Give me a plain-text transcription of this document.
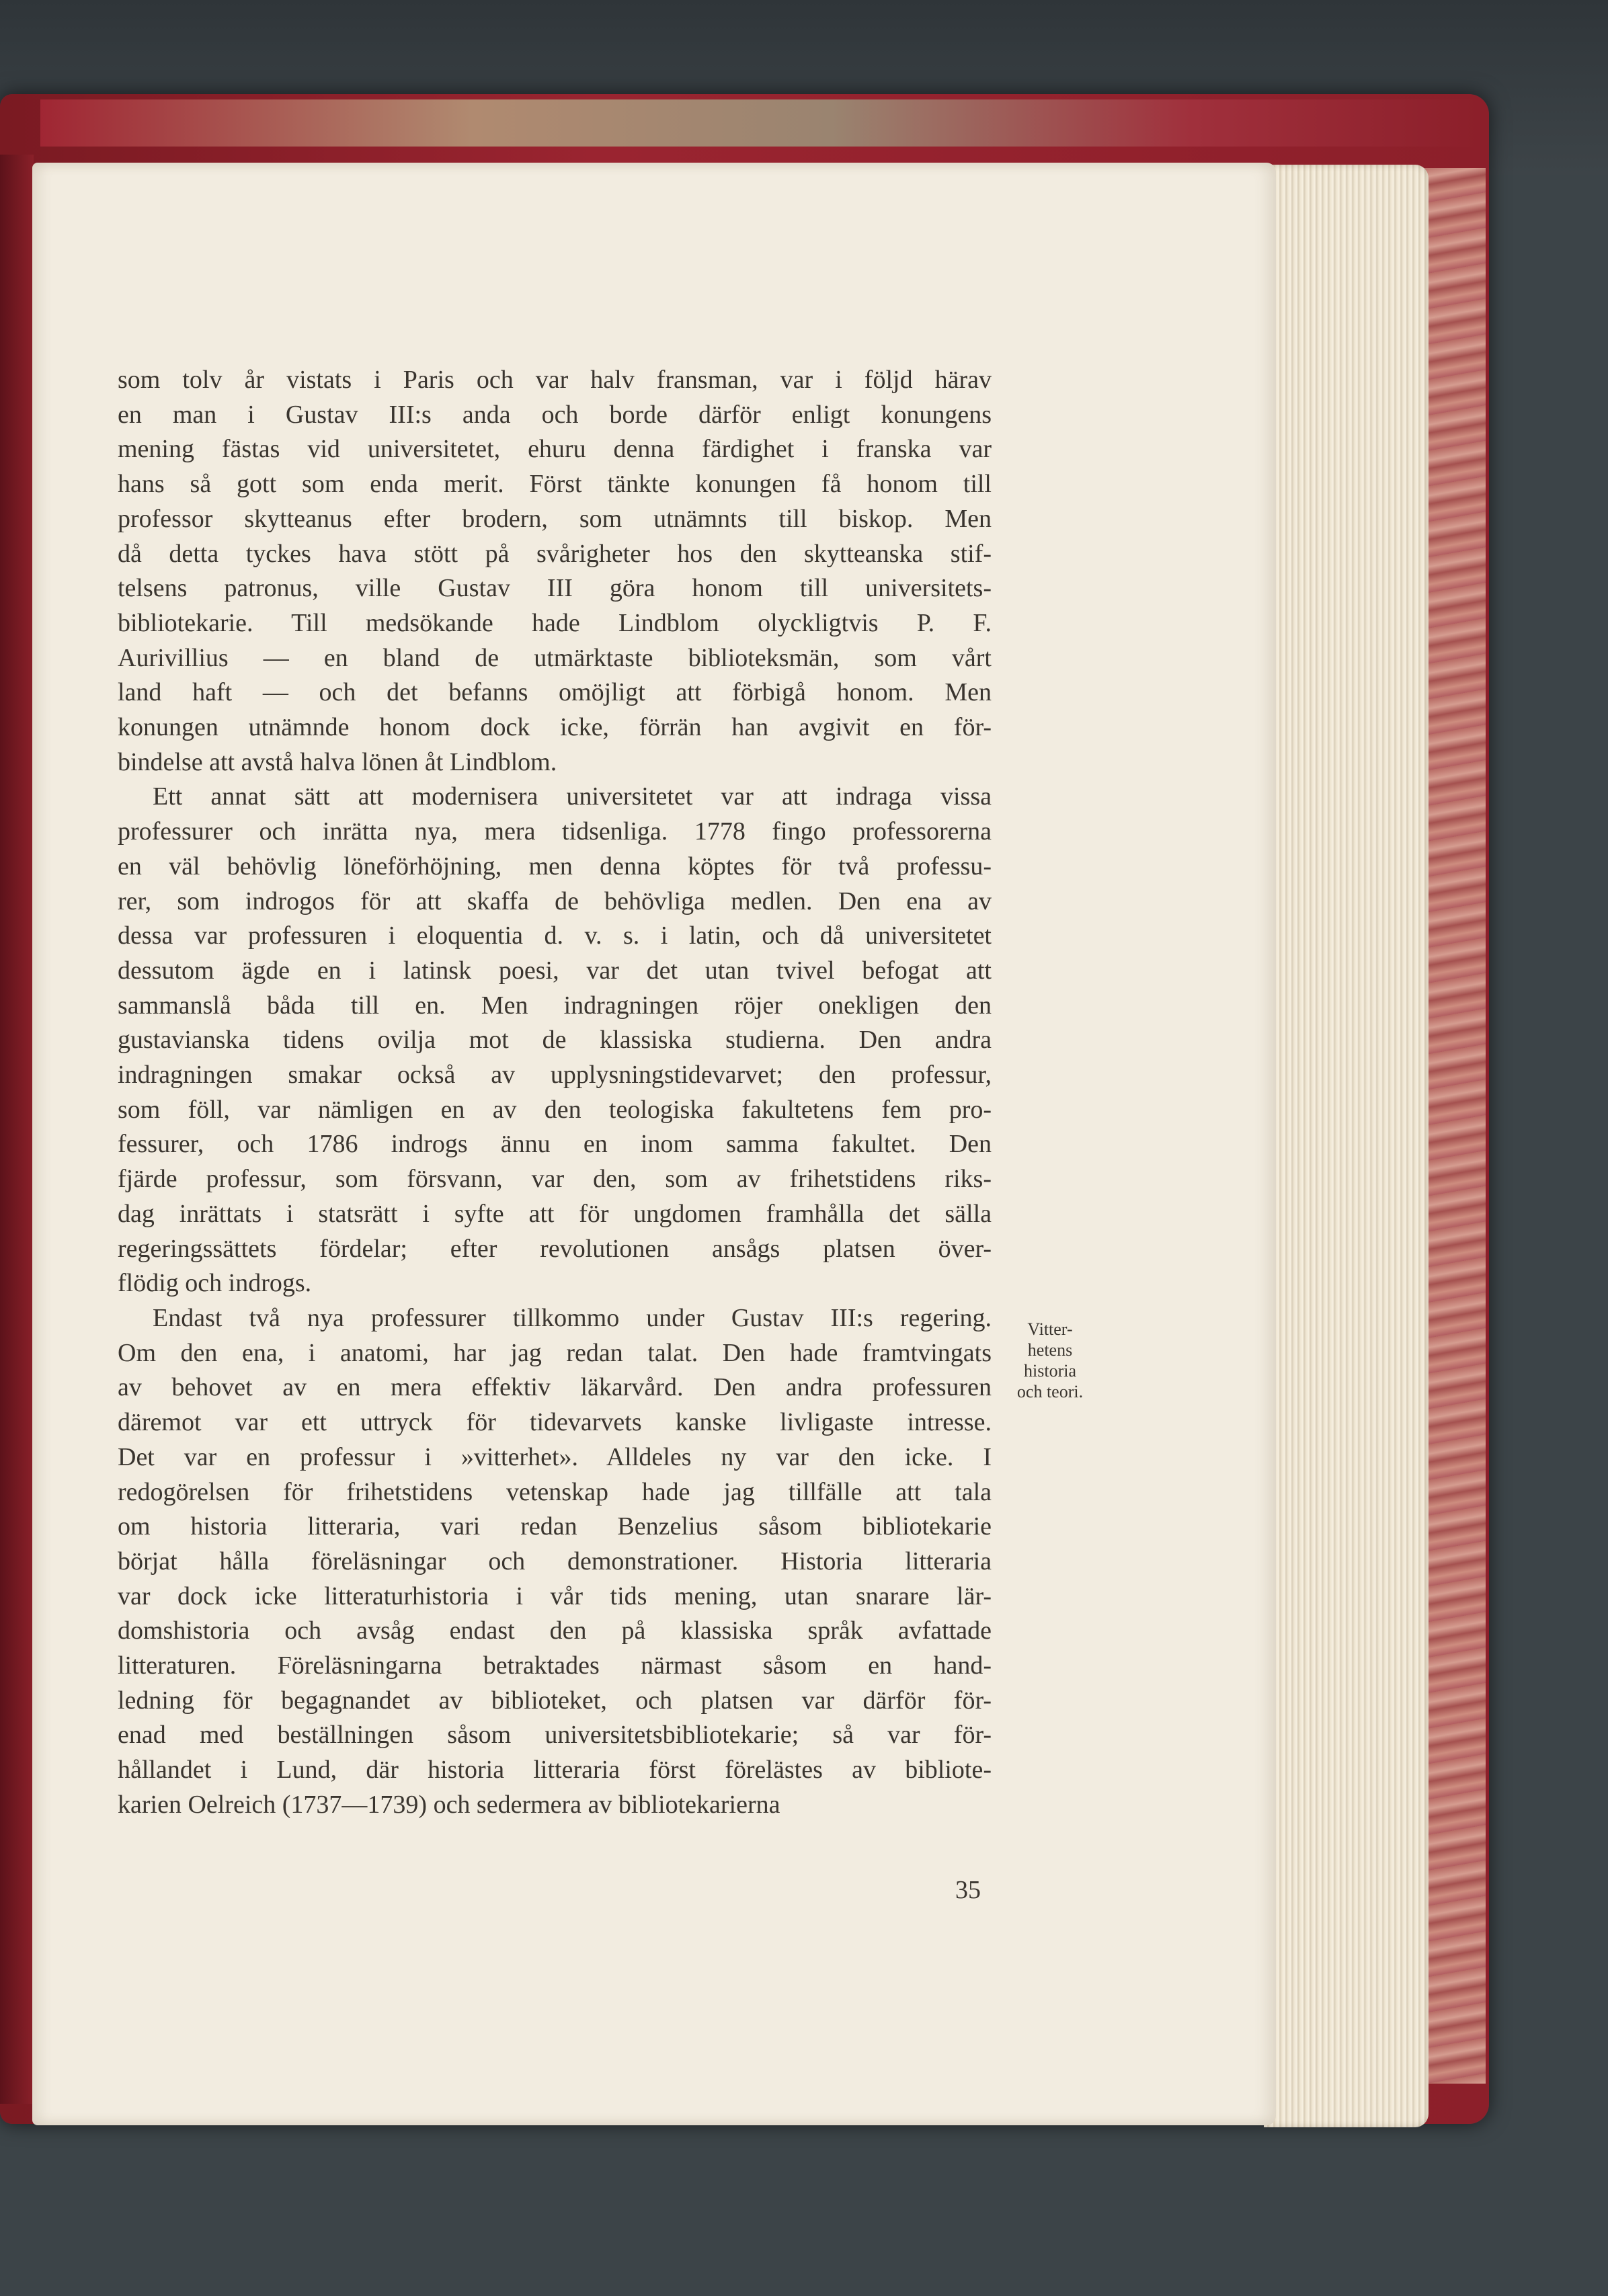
som tolv år vistats i Paris och var halv fransman, var i följd härav
en man i Gustav III:s anda och borde därför enligt konungens
mening fästas vid universitetet, ehuru denna färdighet i franska var
hans så gott som enda merit. Först tänkte konungen få honom till
professor skytteanus efter brodern, som utnämnts till biskop. Men
då detta tyckes hava stött på svårigheter hos den skytteanska stif-
telsens patronus, ville Gustav III göra honom till universitets-
bibliotekarie. Till medsökande hade Lindblom olyckligtvis P. F.
Aurivillius — en bland de utmärktaste biblioteksmän, som vårt
land haft — och det befanns omöjligt att förbigå honom. Men
konungen utnämnde honom dock icke, förrän han avgivit en för-
bindelse att avstå halva lönen åt Lindblom.
Ett annat sätt att modernisera universitetet var att indraga vissa
professurer och inrätta nya, mera tidsenliga. 1778 fingo professorerna
en väl behövlig löneförhöjning, men denna köptes för två professu-
rer, som indrogos för att skaffa de behövliga medlen. Den ena av
dessa var professuren i eloquentia d. v. s. i latin, och då universitetet
dessutom ägde en i latinsk poesi, var det utan tvivel befogat att
sammanslå båda till en. Men indragningen röjer onekligen den
gustavianska tidens ovilja mot de klassiska studierna. Den andra
indragningen smakar också av upplysningstidevarvet; den professur,
som föll, var nämligen en av den teologiska fakultetens fem pro-
fessurer, och 1786 indrogs ännu en inom samma fakultet. Den
fjärde professur, som försvann, var den, som av frihetstidens riks-
dag inrättats i statsrätt i syfte att för ungdomen framhålla det sälla
regeringssättets fördelar; efter revolutionen ansågs platsen över-
flödig och indrogs.
Endast två nya professurer tillkommo under Gustav III:s regering.
Om den ena, i anatomi, har jag redan talat. Den hade framtvingats
av behovet av en mera effektiv läkarvård. Den andra professuren
däremot var ett uttryck för tidevarvets kanske livligaste intresse.
Det var en professur i »vitterhet». Alldeles ny var den icke. I
redogörelsen för frihetstidens vetenskap hade jag tillfälle att tala
om historia litteraria, vari redan Benzelius såsom bibliotekarie
börjat hålla föreläsningar och demonstrationer. Historia litteraria
var dock icke litteraturhistoria i vår tids mening, utan snarare lär-
domshistoria och avsåg endast den på klassiska språk avfattade
litteraturen. Föreläsningarna betraktades närmast såsom en hand-
ledning för begagnandet av biblioteket, och platsen var därför för-
enad med beställningen såsom universitetsbibliotekarie; så var för-
hållandet i Lund, där historia litteraria först förelästes av bibliote-
karien Oelreich (1737—1739) och sedermera av bibliotekarierna
Vitter-
hetens
historia
och teori.
35
